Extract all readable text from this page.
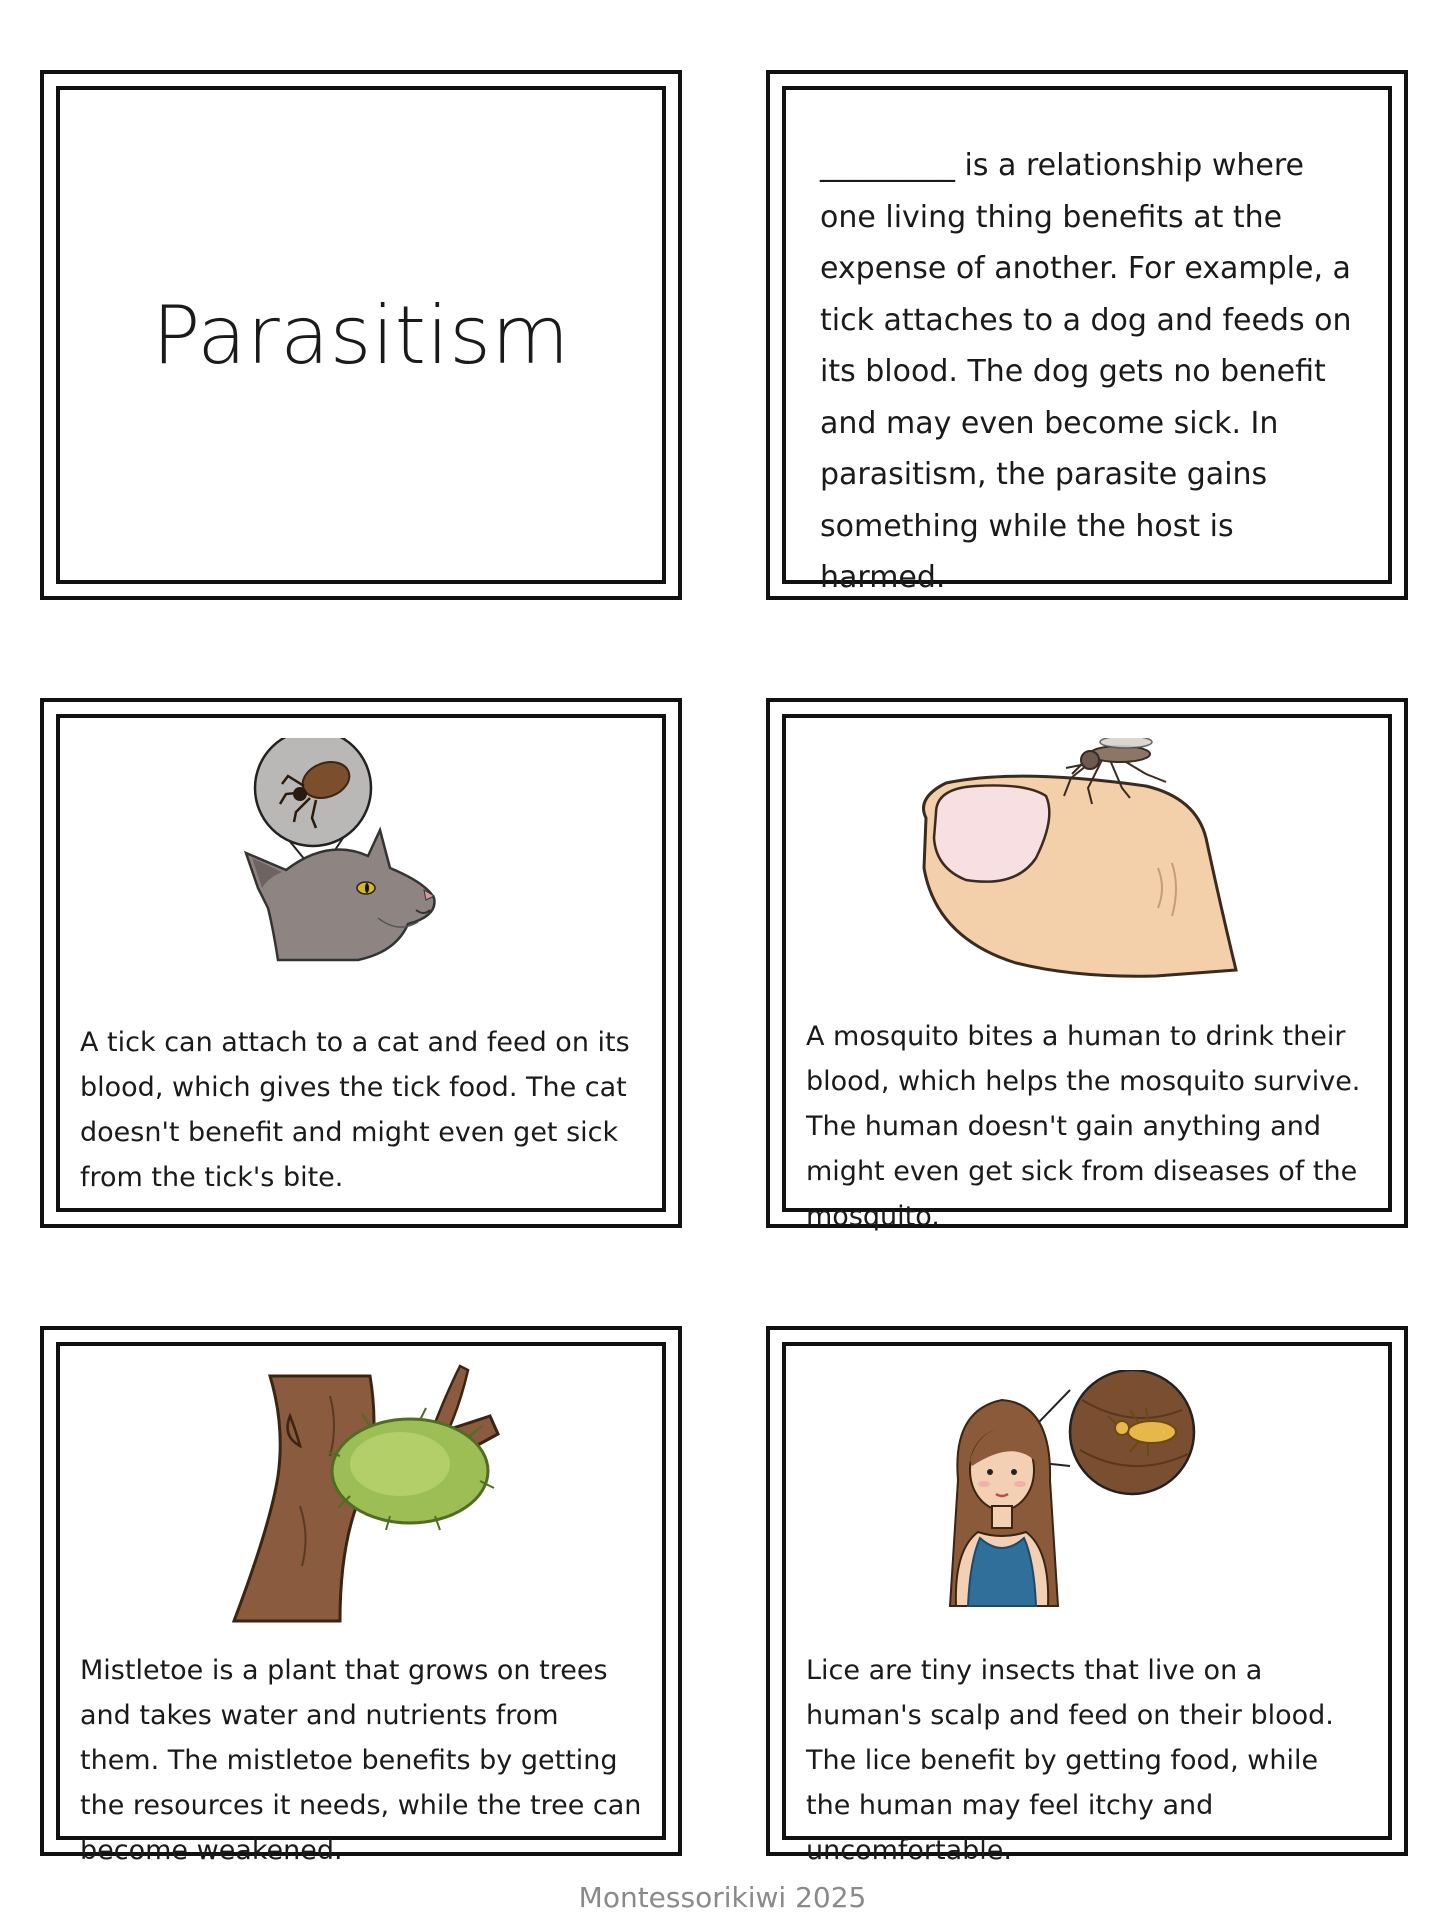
Parasitism
_________ is a relationship where one living thing benefits at the expense of another. For example, a tick attaches to a dog and feeds on its blood. The dog gets no benefit and may even become sick. In parasitism, the parasite gains something while the host is harmed.
A tick can attach to a cat and feed on its blood, which gives the tick food. The cat doesn't benefit and might even get sick from the tick's bite.
A mosquito bites a human to drink their blood, which helps the mosquito survive. The human doesn't gain anything and might even get sick from diseases of the mosquito.
Mistletoe is a plant that grows on trees and takes water and nutrients from them. The mistletoe benefits by getting the resources it needs, while the tree can become weakened.
Lice are tiny insects that live on a human's scalp and feed on their blood. The lice benefit by getting food, while the human may feel itchy and uncomfortable.
Montessorikiwi 2025
